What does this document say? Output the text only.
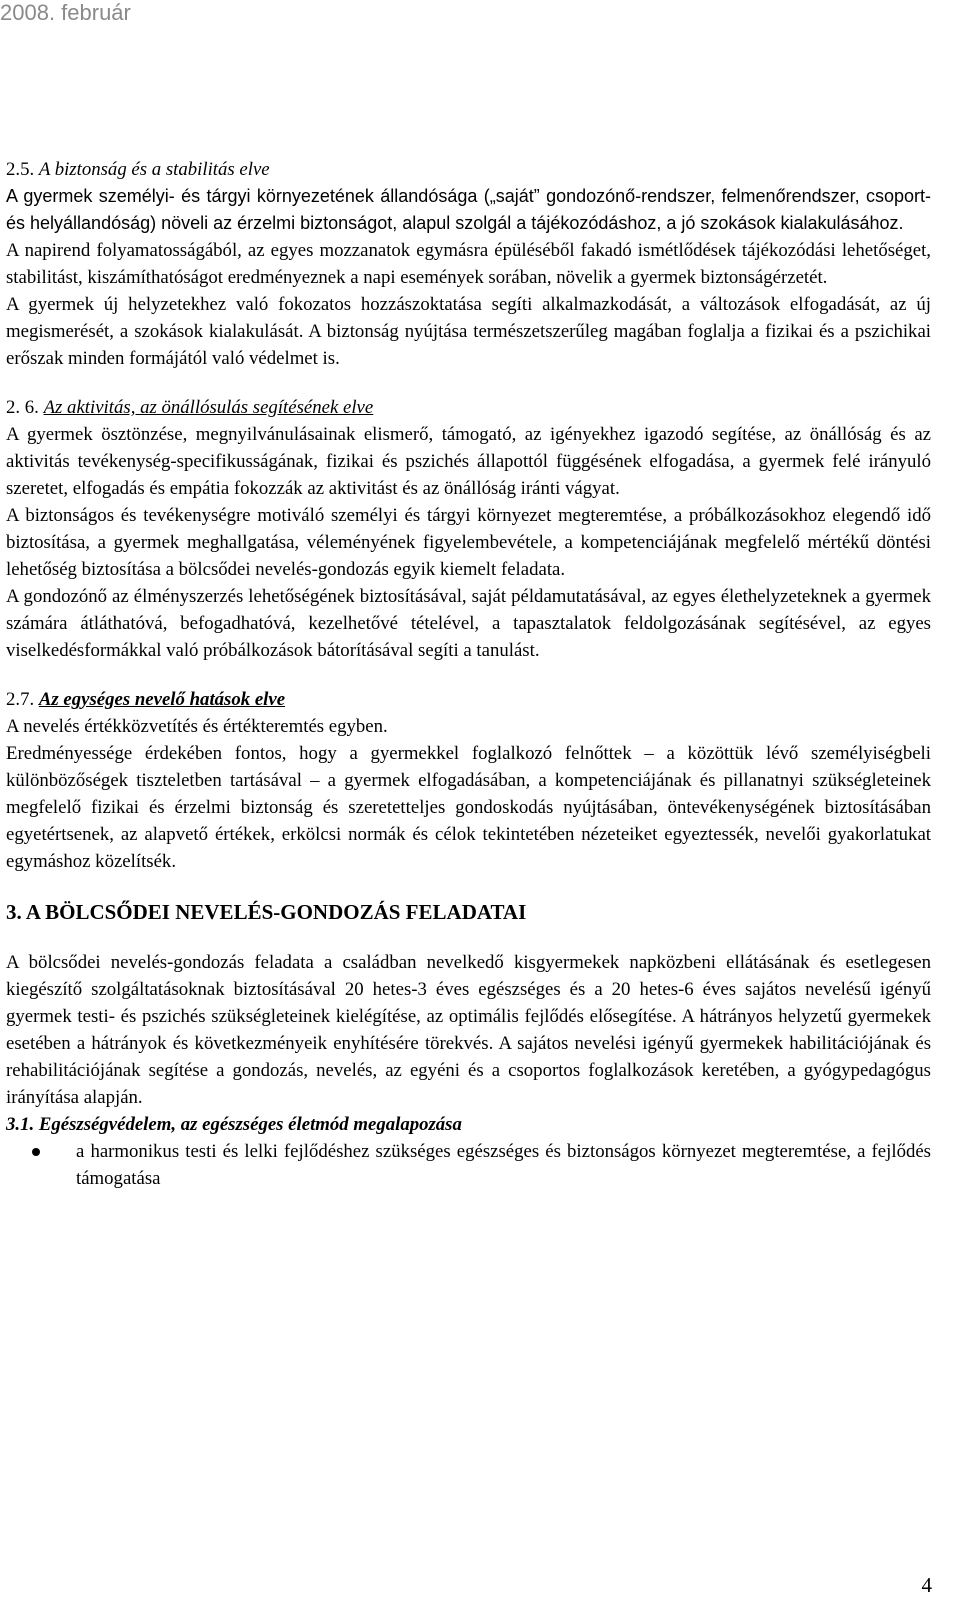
2008. február
2.5. A biztonság és a stabilitás elve

A gyermek személyi- és tárgyi környezetének állandósága („saját” gondozónő-rendszer, felmenőrendszer, csoport- és helyállandóság) növeli az érzelmi biztonságot, alapul szolgál a tájékozódáshoz, a jó szokások kialakulásához.

A napirend folyamatosságából, az egyes mozzanatok egymásra épüléséből fakadó ismétlődések tájékozódási lehetőséget, stabilitást, kiszámíthatóságot eredményeznek a napi események sorában, növelik a gyermek biztonságérzetét.

A gyermek új helyzetekhez való fokozatos hozzászoktatása segíti alkalmazkodását, a változások elfogadását, az új megismerését, a szokások kialakulását. A biztonság nyújtása természetszerűleg magában foglalja a fizikai és a pszichikai erőszak minden formájától való védelmet is.

2. 6. Az aktivitás, az önállósulás segítésének elve

A gyermek ösztönzése, megnyilvánulásainak elismerő, támogató, az igényekhez igazodó segítése, az önállóság és az aktivitás tevékenység-specifikusságának, fizikai és pszichés állapottól függésének elfogadása, a gyermek felé irányuló szeretet, elfogadás és empátia fokozzák az aktivitást és az önállóság iránti vágyat.

A biztonságos és tevékenységre motiváló személyi és tárgyi környezet megteremtése, a próbálkozásokhoz elegendő idő biztosítása, a gyermek meghallgatása, véleményének figyelembevétele, a kompetenciájának megfelelő mértékű döntési lehetőség biztosítása a bölcsődei nevelés-gondozás egyik kiemelt feladata.

A gondozónő az élményszerzés lehetőségének biztosításával, saját példamutatásával, az egyes élethelyzeteknek a gyermek számára átláthatóvá, befogadhatóvá, kezelhetővé tételével, a tapasztalatok feldolgozásának segítésével, az egyes viselkedésformákkal való próbálkozások bátorításával segíti a tanulást.

2.7. Az egységes nevelő hatások elve

A nevelés értékközvetítés és értékteremtés egyben.

Eredményessége érdekében fontos, hogy a gyermekkel foglalkozó felnőttek – a közöttük lévő személyiségbeli különbözőségek tiszteletben tartásával – a gyermek elfogadásában, a kompetenciájának és pillanatnyi szükségleteinek megfelelő fizikai és érzelmi biztonság és szeretetteljes gondoskodás nyújtásában, öntevékenységének biztosításában egyetértsenek, az alapvető értékek, erkölcsi normák és célok tekintetében nézeteiket egyeztessék, nevelői gyakorlatukat egymáshoz közelítsék.

3. A BÖLCSŐDEI NEVELÉS-GONDOZÁS FELADATAI

A bölcsődei nevelés-gondozás feladata a családban nevelkedő kisgyermekek napközbeni ellátásának és esetlegesen kiegészítő szolgáltatásoknak biztosításával 20 hetes-3 éves egészséges és a 20 hetes-6 éves sajátos nevelésű igényű gyermek testi- és pszichés szükségleteinek kielégítése, az optimális fejlődés elősegítése. A hátrányos helyzetű gyermekek esetében a hátrányok és következményeik enyhítésére törekvés. A sajátos nevelési igényű gyermekek habilitációjának és rehabilitációjának segítése a gondozás, nevelés, az egyéni és a csoportos foglalkozások keretében, a gyógypedagógus irányítása alapján.

3.1. Egészségvédelem, az egészséges életmód megalapozása
a harmonikus testi és lelki fejlődéshez szükséges egészséges és biztonságos környezet megteremtése, a fejlődés támogatása
4
